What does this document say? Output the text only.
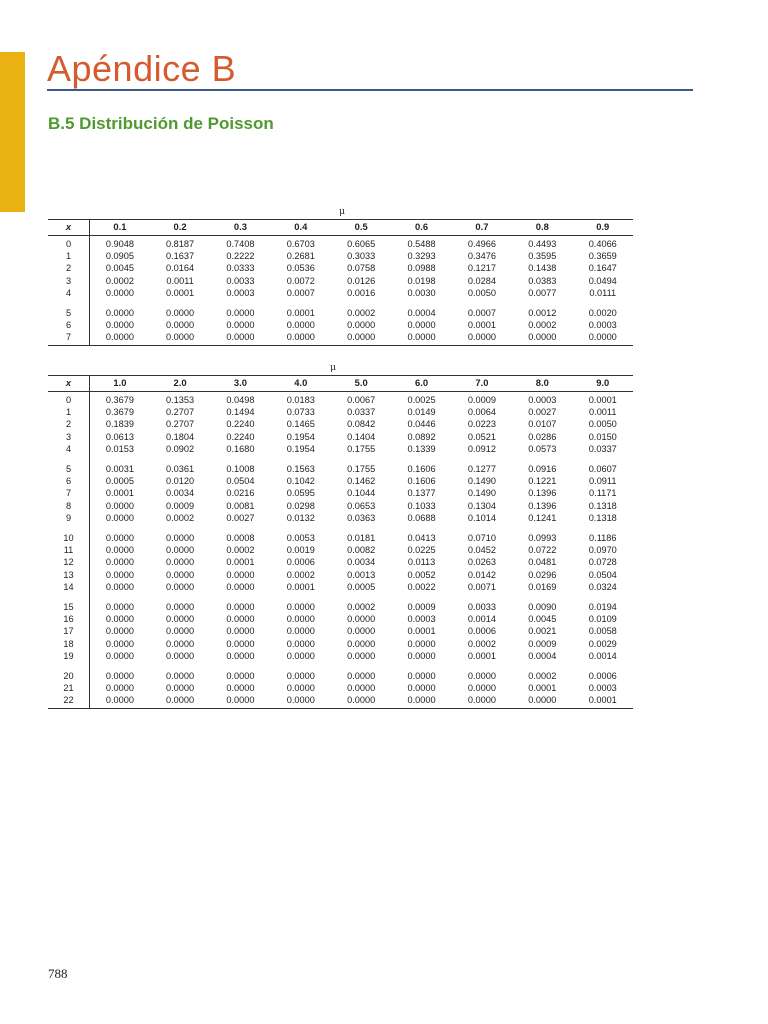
Apéndice B
B.5 Distribución de Poisson
μ
x	0.1	0.2	0.3	0.4	0.5	0.6	0.7	0.8	0.9
0	0.9048	0.8187	0.7408	0.6703	0.6065	0.5488	0.4966	0.4493	0.4066
1	0.0905	0.1637	0.2222	0.2681	0.3033	0.3293	0.3476	0.3595	0.3659
2	0.0045	0.0164	0.0333	0.0536	0.0758	0.0988	0.1217	0.1438	0.1647
3	0.0002	0.0011	0.0033	0.0072	0.0126	0.0198	0.0284	0.0383	0.0494
4	0.0000	0.0001	0.0003	0.0007	0.0016	0.0030	0.0050	0.0077	0.0111
5	0.0000	0.0000	0.0000	0.0001	0.0002	0.0004	0.0007	0.0012	0.0020
6	0.0000	0.0000	0.0000	0.0000	0.0000	0.0000	0.0001	0.0002	0.0003
7	0.0000	0.0000	0.0000	0.0000	0.0000	0.0000	0.0000	0.0000	0.0000
μ
x	1.0	2.0	3.0	4.0	5.0	6.0	7.0	8.0	9.0
0	0.3679	0.1353	0.0498	0.0183	0.0067	0.0025	0.0009	0.0003	0.0001
1	0.3679	0.2707	0.1494	0.0733	0.0337	0.0149	0.0064	0.0027	0.0011
2	0.1839	0.2707	0.2240	0.1465	0.0842	0.0446	0.0223	0.0107	0.0050
3	0.0613	0.1804	0.2240	0.1954	0.1404	0.0892	0.0521	0.0286	0.0150
4	0.0153	0.0902	0.1680	0.1954	0.1755	0.1339	0.0912	0.0573	0.0337
5	0.0031	0.0361	0.1008	0.1563	0.1755	0.1606	0.1277	0.0916	0.0607
6	0.0005	0.0120	0.0504	0.1042	0.1462	0.1606	0.1490	0.1221	0.0911
7	0.0001	0.0034	0.0216	0.0595	0.1044	0.1377	0.1490	0.1396	0.1171
8	0.0000	0.0009	0.0081	0.0298	0.0653	0.1033	0.1304	0.1396	0.1318
9	0.0000	0.0002	0.0027	0.0132	0.0363	0.0688	0.1014	0.1241	0.1318
10	0.0000	0.0000	0.0008	0.0053	0.0181	0.0413	0.0710	0.0993	0.1186
11	0.0000	0.0000	0.0002	0.0019	0.0082	0.0225	0.0452	0.0722	0.0970
12	0.0000	0.0000	0.0001	0.0006	0.0034	0.0113	0.0263	0.0481	0.0728
13	0.0000	0.0000	0.0000	0.0002	0.0013	0.0052	0.0142	0.0296	0.0504
14	0.0000	0.0000	0.0000	0.0001	0.0005	0.0022	0.0071	0.0169	0.0324
15	0.0000	0.0000	0.0000	0.0000	0.0002	0.0009	0.0033	0.0090	0.0194
16	0.0000	0.0000	0.0000	0.0000	0.0000	0.0003	0.0014	0.0045	0.0109
17	0.0000	0.0000	0.0000	0.0000	0.0000	0.0001	0.0006	0.0021	0.0058
18	0.0000	0.0000	0.0000	0.0000	0.0000	0.0000	0.0002	0.0009	0.0029
19	0.0000	0.0000	0.0000	0.0000	0.0000	0.0000	0.0001	0.0004	0.0014
20	0.0000	0.0000	0.0000	0.0000	0.0000	0.0000	0.0000	0.0002	0.0006
21	0.0000	0.0000	0.0000	0.0000	0.0000	0.0000	0.0000	0.0001	0.0003
22	0.0000	0.0000	0.0000	0.0000	0.0000	0.0000	0.0000	0.0000	0.0001
788
